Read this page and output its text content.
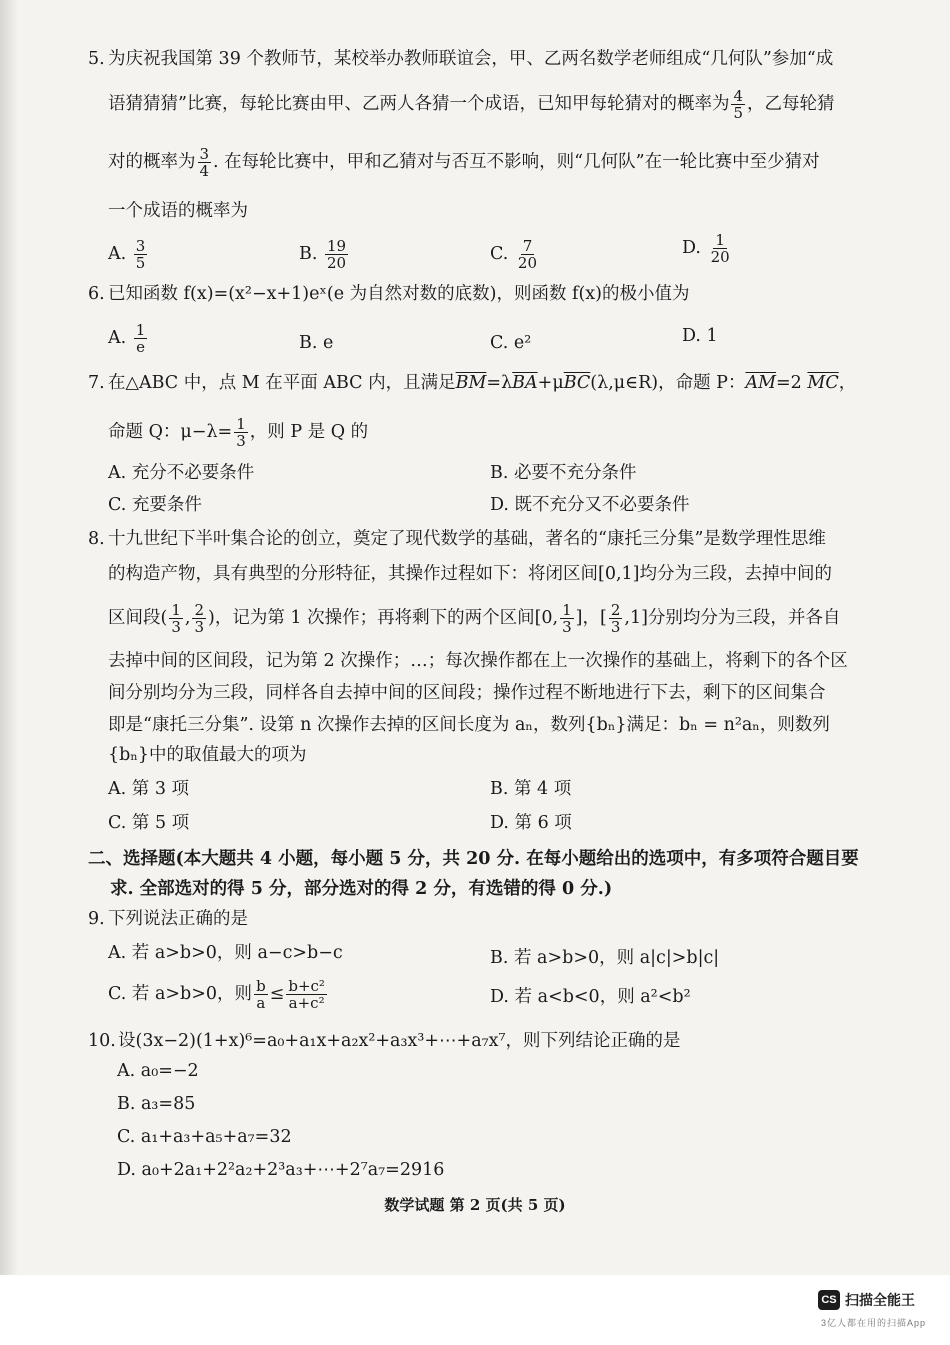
5. 为庆祝我国第 39 个教师节，某校举办教师联谊会，甲、乙两名数学老师组成“几何队”参加“成
语猜猜猜”比赛，每轮比赛由甲、乙两人各猜一个成语，已知甲每轮猜对的概率为 $\frac{4}{5}$ ，乙每轮猜
对的概率为 $\frac{3}{4}$ . 在每轮比赛中，甲和乙猜对与否互不影响，则“几何队”在一轮比赛中至少猜对
一个成语的概率为
A. $\frac{3}{5}$	B. $\frac{19}{20}$	C. $\frac{7}{20}$	D. $\frac{1}{20}$
6. 已知函数 f(x)=(x²−x+1)eˣ(e 为自然对数的底数)，则函数 f(x)的极小值为
A. $\frac{1}{e}$	B. e	C. e²	D. 1
7. 在△ABC 中，点 M 在平面 ABC 内，且满足$\overline{BM}=\lambda\overline{BA}+\mu\overline{BC}(\lambda,\mu\in R)$，命题 P：$\overline{AM}=2$ $\overline{MC}$，
命题 Q：$\mu-\lambda= \frac{1}{3}$ ，则 P 是 Q 的
A. 充分不必要条件	B. 必要不充分条件
C. 充要条件	D. 既不充分又不必要条件
8. 十九世纪下半叶集合论的创立，奠定了现代数学的基础，著名的“康托三分集”是数学理性思维
的构造产物，具有典型的分形特征，其操作过程如下：将闭区间[0,1]均分为三段，去掉中间的
区间段( $\frac{1}{3}$ , $\frac{2}{3}$ )，记为第 1 次操作；再将剩下的两个区间[0, $\frac{1}{3}$ ]，[ $\frac{2}{3} ,1$]分别均分为三段，并各自
去掉中间的区间段，记为第 2 次操作；…；每次操作都在上一次操作的基础上，将剩下的各个区
间分别均分为三段，同样各自去掉中间的区间段；操作过程不断地进行下去，剩下的区间集合
即是“康托三分集”. 设第 n 次操作去掉的区间长度为 aₙ，数列{bₙ}满足：bₙ = n²aₙ，则数列
{bₙ}中的取值最大的项为
A. 第 3 项	B. 第 4 项
C. 第 5 项	D. 第 6 项
二、选择题(本大题共 4 小题，每小题 5 分，共 20 分. 在每小题给出的选项中，有多项符合题目要
求. 全部选对的得 5 分，部分选对的得 2 分，有选错的得 0 分.)
9. 下列说法正确的是
A. 若 a>b>0，则 a−c>b−c	B. 若 a>b>0，则 a|c|>b|c|
C. 若 a>b>0，则 $\frac{b}{a} \le \frac{\text{b+c²}}{\text{a+c²}}$	D. 若 a<b<0，则 a²<b²
10. 设(3x−2)(1+x)⁶=a₀+a₁x+a₂x²+a₃x³+⋯+a₇x⁷，则下列结论正确的是
A. a₀=−2
B. a₃=85
C. a₁+a₃+a₅+a₇=32
D. a₀+2a₁+2²a₂+2³a₃+⋯+2⁷a₇=2916
数学试题 第 2 页(共 5 页)
CS 扫描全能王
3亿人都在用的扫描App
